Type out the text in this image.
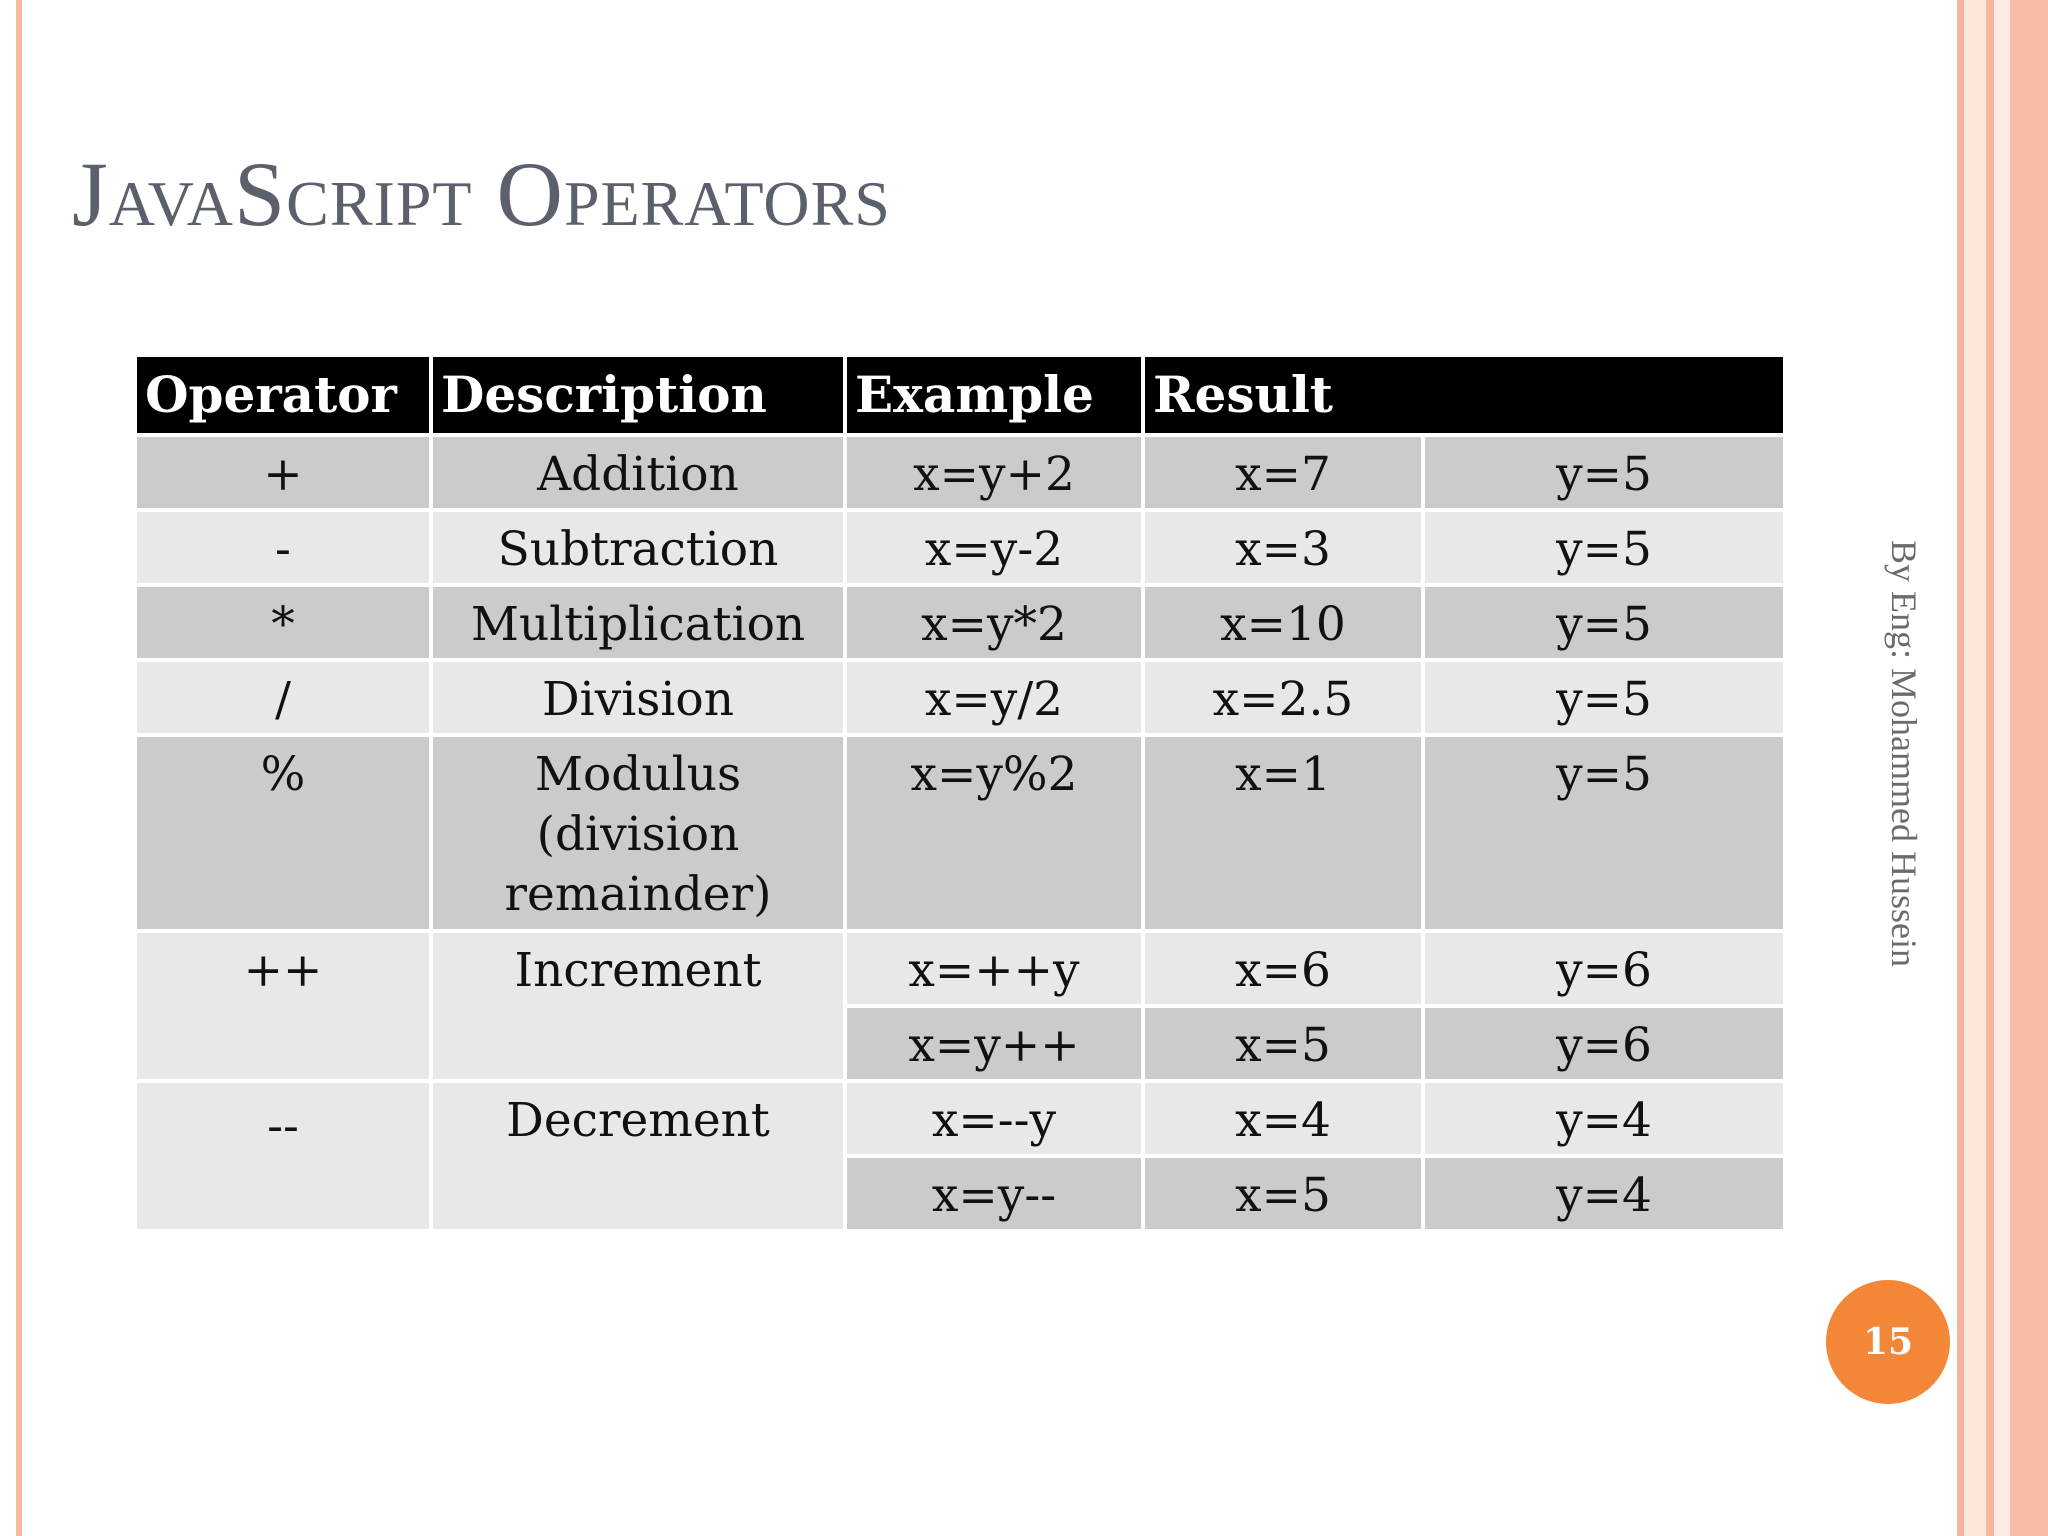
JavaScript Operators
Operator	Description	Example	Result	
+	Addition	x=y+2	x=7	y=5
-	Subtraction	x=y-2	x=3	y=5
*	Multiplication	x=y*2	x=10	y=5
/	Division	x=y/2	x=2.5	y=5
%	Modulus (division remainder)	x=y%2	x=1	y=5
++	Increment	x=++y	x=6	y=6
		x=y++	x=5	y=6
--	Decrement	x=--y	x=4	y=4
		x=y--	x=5	y=4
By Eng: Mohammed Hussein
15
